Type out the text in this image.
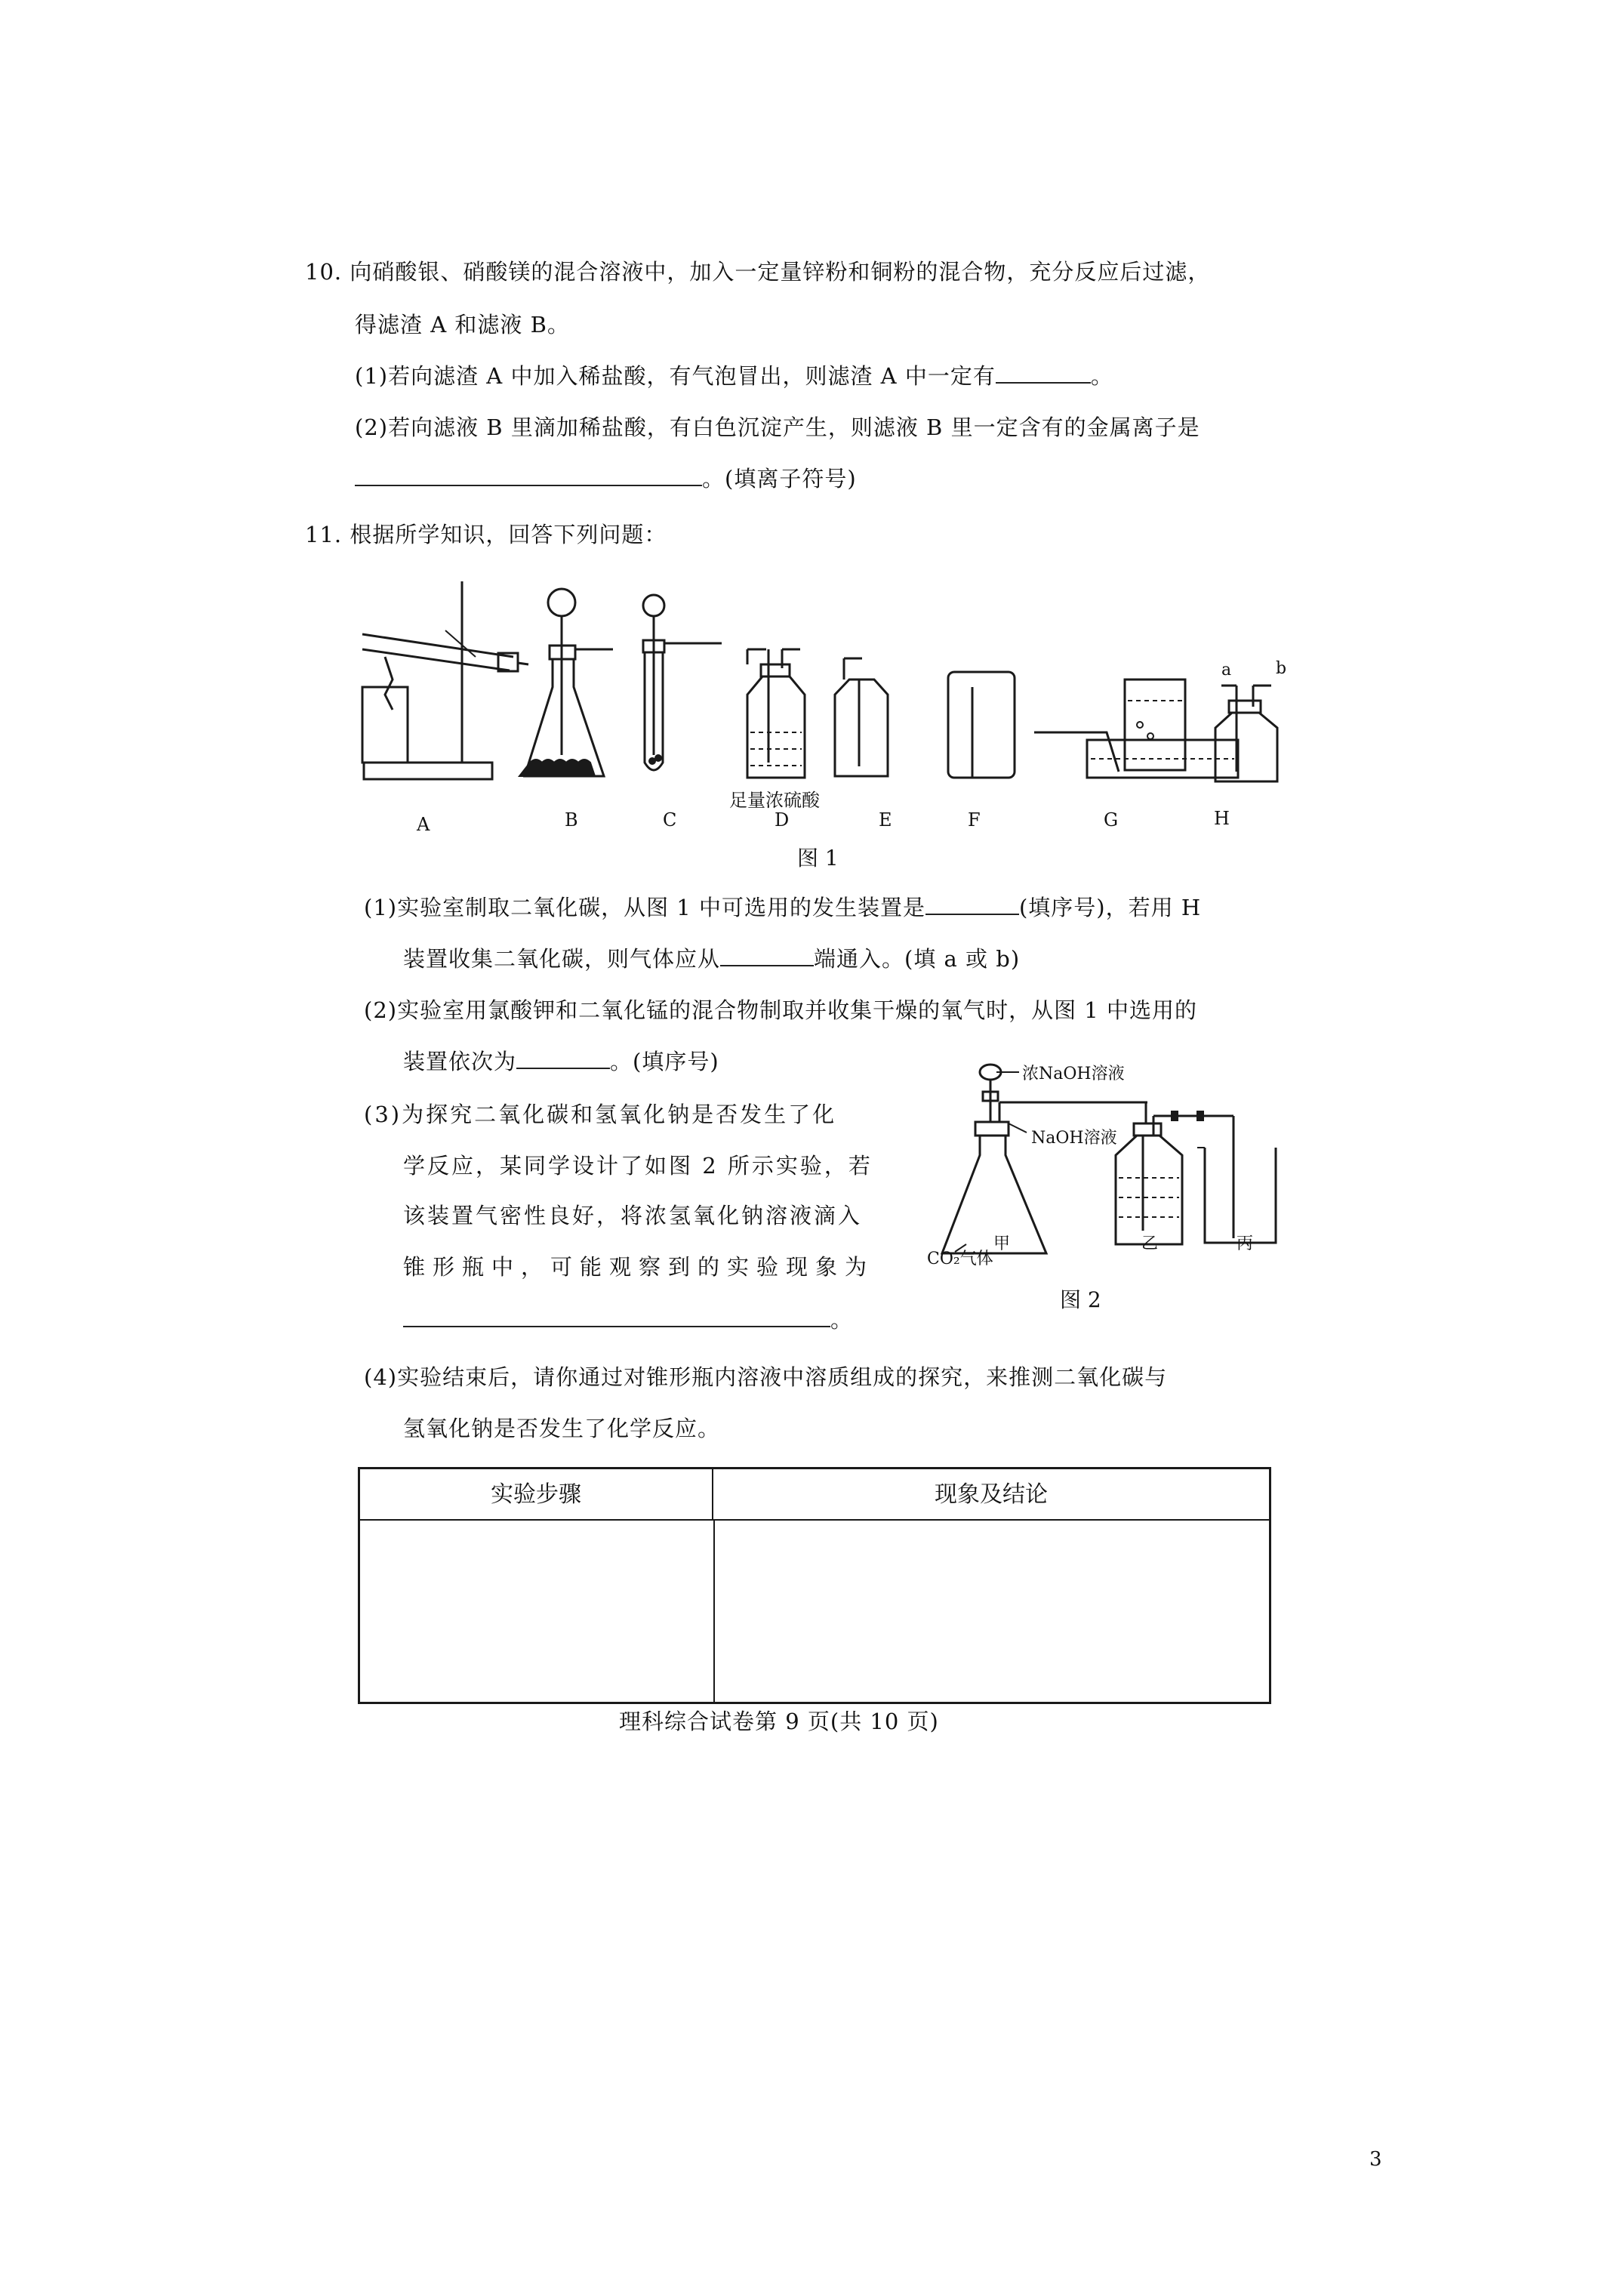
10. 向硝酸银、硝酸镁的混合溶液中，加入一定量锌粉和铜粉的混合物，充分反应后过滤，
得滤渣 A 和滤液 B。
(1)若向滤渣 A 中加入稀盐酸，有气泡冒出，则滤渣 A 中一定有	。
(2)若向滤液 B 里滴加稀盐酸，有白色沉淀产生，则滤液 B 里一定含有的金属离子是
。(填离子符号)
11. 根据所学知识，回答下列问题：
a	b
A	B	C
足量浓硫酸
D	E	F	G	H
图 1
(1)实验室制取二氧化碳，从图 1 中可选用的发生装置是	(填序号)，若用 H
装置收集二氧化碳，则气体应从	端通入。(填 a 或 b)
(2)实验室用氯酸钾和二氧化锰的混合物制取并收集干燥的氧气时，从图 1 中选用的
装置依次为	。(填序号)
(3)为探究二氧化碳和氢氧化钠是否发生了化
学反应，某同学设计了如图 2 所示实验，若
该装置气密性良好，将浓氢氧化钠溶液滴入
锥形瓶中，可能观察到的实验现象为
。
浓NaOH溶液
NaOH溶液
CO₂气体
甲	乙	丙
图 2
(4)实验结束后，请你通过对锥形瓶内溶液中溶质组成的探究，来推测二氧化碳与
氢氧化钠是否发生了化学反应。
实验步骤	现象及结论
理科综合试卷第 9 页(共 10 页)
3
